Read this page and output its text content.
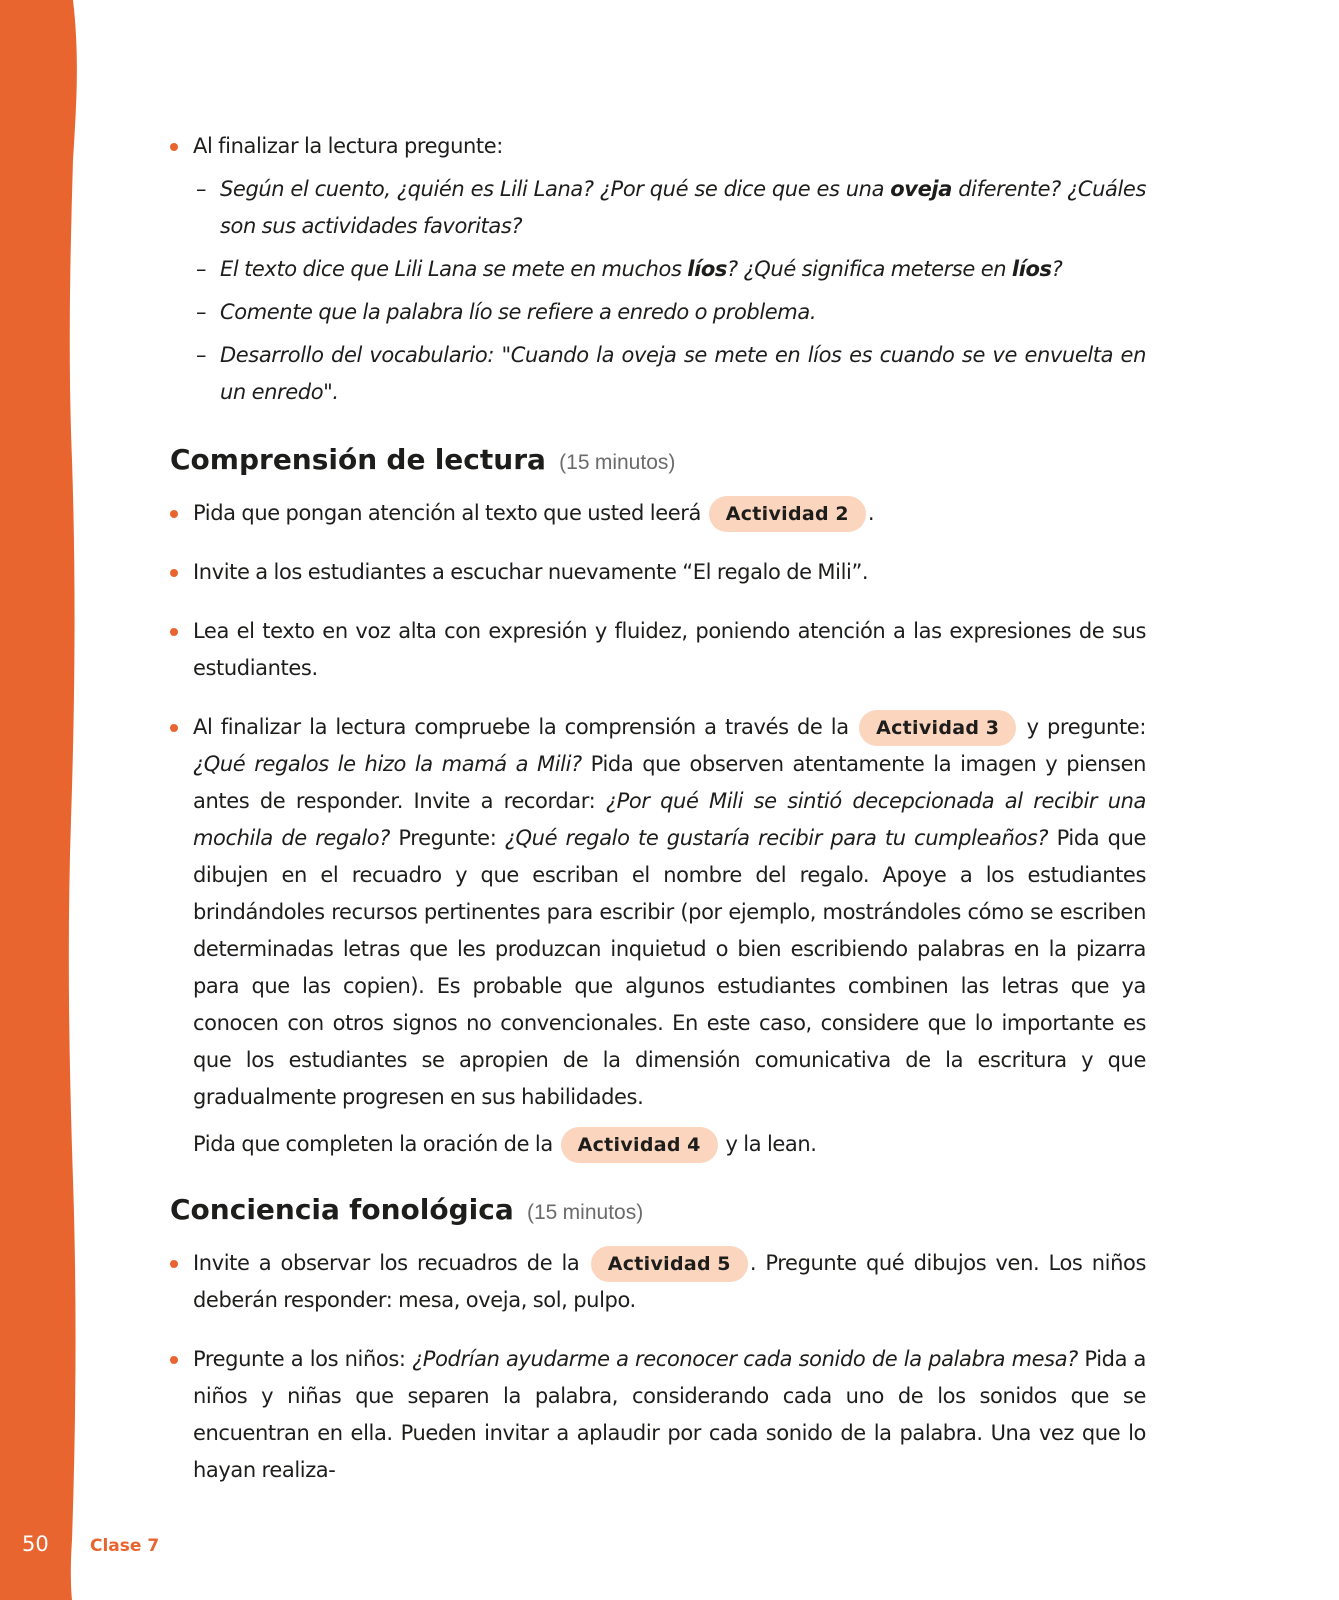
50 Clase 7
Al finalizar la lectura pregunte:
– Según el cuento, ¿quién es Lili Lana? ¿Por qué se dice que es una oveja diferente? ¿Cuáles son sus actividades favoritas?
– El texto dice que Lili Lana se mete en muchos líos? ¿Qué significa meterse en líos?
– Comente que la palabra lío se refiere a enredo o problema.
– Desarrollo del vocabulario: "Cuando la oveja se mete en líos es cuando se ve envuelta en un enredo".
Comprensión de lectura (15 minutos)
Pida que pongan atención al texto que usted leerá Actividad 2 .
Invite a los estudiantes a escuchar nuevamente “El regalo de Mili”.
Lea el texto en voz alta con expresión y fluidez, poniendo atención a las expresiones de sus estudiantes.
Al finalizar la lectura compruebe la comprensión a través de la Actividad 3 y pregunte: ¿Qué regalos le hizo la mamá a Mili? Pida que observen atentamente la imagen y piensen antes de responder. Invite a recordar: ¿Por qué Mili se sintió decepcionada al recibir una mochila de regalo? Pregunte: ¿Qué regalo te gustaría recibir para tu cumpleaños? Pida que dibujen en el recuadro y que escriban el nombre del regalo. Apoye a los estudiantes brindándoles recursos pertinentes para escribir (por ejemplo, mostrándoles cómo se escriben determinadas letras que les produzcan inquietud o bien escribiendo palabras en la pizarra para que las copien). Es probable que algunos estudiantes combinen las letras que ya conocen con otros signos no convencionales. En este caso, considere que lo importante es que los estudiantes se apropien de la dimensión comunicativa de la escritura y que gradualmente progresen en sus habilidades.
Pida que completen la oración de la Actividad 4 y la lean.
Conciencia fonológica (15 minutos)
Invite a observar los recuadros de la Actividad 5 . Pregunte qué dibujos ven. Los niños deberán responder: mesa, oveja, sol, pulpo.
Pregunte a los niños: ¿Podrían ayudarme a reconocer cada sonido de la palabra mesa? Pida a niños y niñas que separen la palabra, considerando cada uno de los sonidos que se encuentran en ella. Pueden invitar a aplaudir por cada sonido de la palabra. Una vez que lo hayan realiza-
